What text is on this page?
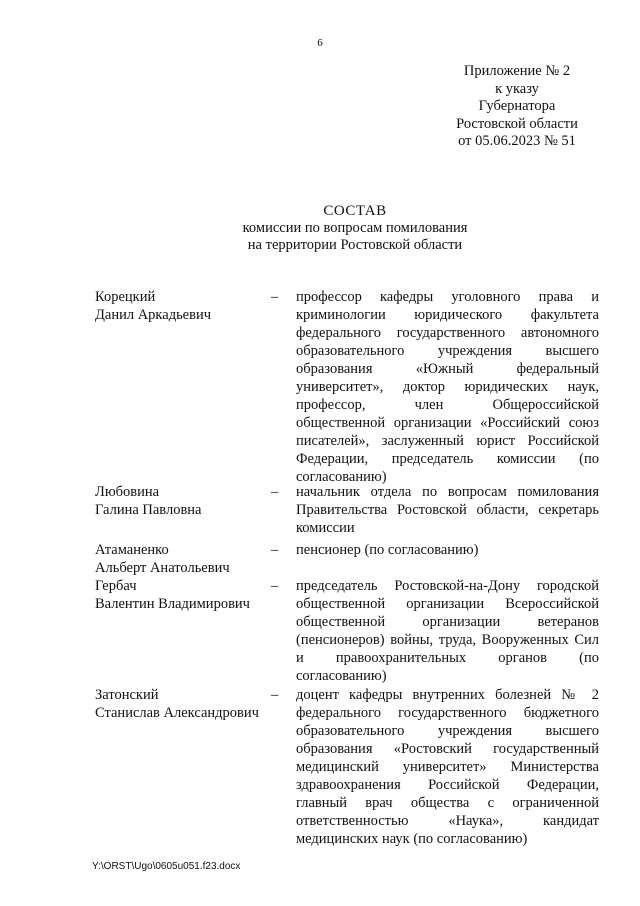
6
Приложение № 2
к указу
Губернатора
Ростовской области
от 05.06.2023 № 51
СОСТАВ
комиссии по вопросам помилования
на территории Ростовской области
Корецкий
Данил Аркадьевич
–	профессор кафедры уголовного права и криминологии юридического факультета федерального государственного автономного образовательного учреждения высшего образования «Южный федеральный университет», доктор юридических наук, профессор, член Общероссийской общественной организации «Российский союз писателей», заслуженный юрист Российской Федерации, председатель комиссии (по согласованию)
Любовина
Галина Павловна
–	начальник отдела по вопросам помилования Правительства Ростовской области, секретарь комиссии
Атаманенко
Альберт Анатольевич
–	пенсионер (по согласованию)
Гербач
Валентин Владимирович
–	председатель Ростовской-на-Дону городской общественной организации Всероссийской общественной организации ветеранов (пенсионеров) войны, труда, Вооруженных Сил и правоохранительных органов (по согласованию)
Затонский
Станислав Александрович
–	доцент кафедры внутренних болезней № 2 федерального государственного бюджетного образовательного учреждения высшего образования «Ростовский государственный медицинский университет» Министерства здравоохранения Российской Федерации, главный врач общества с ограниченной ответственностью «Наука», кандидат медицинских наук (по согласованию)
Y:\ORST\Ugo\0605u051.f23.docx
